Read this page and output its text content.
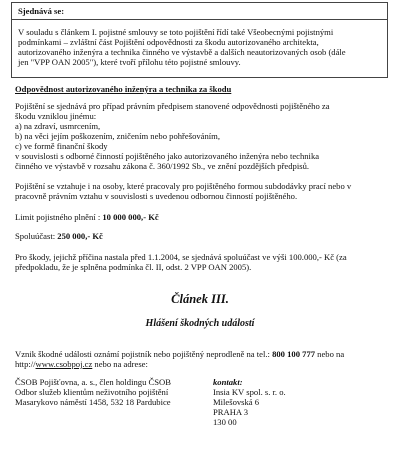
Sjednává se:
V souladu s článkem I. pojistné smlouvy se toto pojištění řídí také Všeobecnými pojistnými
podmínkami – zvláštní část Pojištění odpovědnosti za škodu autorizovaného architekta,
autorizovaného inženýra a technika činného ve výstavbě a dalších neautorizovaných osob (dále
jen "VPP OAN 2005"), které tvoří přílohu této pojistné smlouvy.
Odpovědnost autorizovaného inženýra a technika za škodu
Pojištění se sjednává pro případ právním předpisem stanovené odpovědnosti pojištěného za
škodu vzniklou jinému:
a) na zdraví, usmrcením,
b) na věci jejím poškozením, zničením nebo pohřešováním,
c) ve formě finanční škody
v souvislosti s odborné činností pojištěného jako autorizovaného inženýra nebo technika
činného ve výstavbě v rozsahu zákona č. 360/1992 Sb., ve znění pozdějších předpisů.
Pojištění se vztahuje i na osoby, které pracovaly pro pojištěného formou subdodávky prací nebo v
pracovně právním vztahu v souvislosti s uvedenou odbornou činností pojištěného.
Limit pojistného plnění : 10 000 000,- Kč
Spoluúčast: 250 000,- Kč
Pro škody, jejichž příčina nastala před 1.1.2004, se sjednává spoluúčast ve výši 100.000,- Kč (za
předpokladu, že je splněna podmínka čl. II, odst. 2 VPP OAN 2005).
Článek III.
Hlášení škodných událostí
Vznik škodné události oznámí pojistník nebo pojištěný neprodleně na tel.: 800 100 777 nebo na
http://www.csobpoj.cz nebo na adrese:
ČSOB Pojišťovna, a. s., člen holdingu ČSOB
Odbor služeb klientům neživotního pojištění
Masarykovo náměstí 1458, 532 18 Pardubice
kontakt:
Insia KV spol. s. r. o.
Milešovská 6
PRAHA 3
130 00
